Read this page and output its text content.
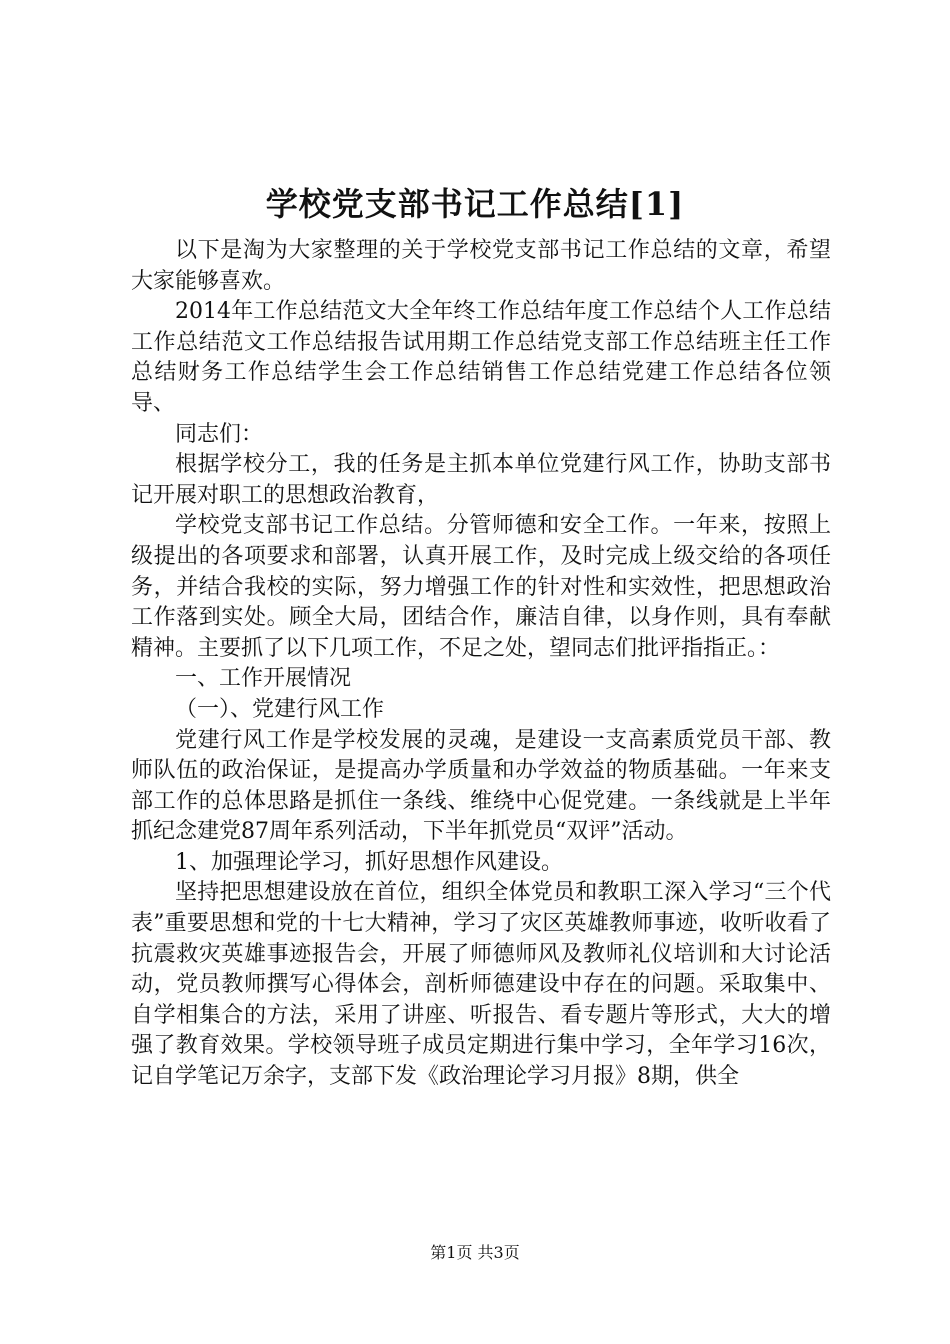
学校党支部书记工作总结[1]

以下是淘为大家整理的关于学校党支部书记工作总结的文章，希望大家能够喜欢。

2014年工作总结范文大全年终工作总结年度工作总结个人工作总结工作总结范文工作总结报告试用期工作总结党支部工作总结班主任工作总结财务工作总结学生会工作总结销售工作总结党建工作总结各位领导、

同志们：

根据学校分工，我的任务是主抓本单位党建行风工作，协助支部书记开展对职工的思想政治教育，

学校党支部书记工作总结。分管师德和安全工作。一年来，按照上级提出的各项要求和部署，认真开展工作，及时完成上级交给的各项任务，并结合我校的实际，努力增强工作的针对性和实效性，把思想政治工作落到实处。顾全大局，团结合作，廉洁自律，以身作则，具有奉献精神。主要抓了以下几项工作，不足之处，望同志们批评指指正。：

一、工作开展情况

（一）、党建行风工作

党建行风工作是学校发展的灵魂，是建设一支高素质党员干部、教师队伍的政治保证，是提高办学质量和办学效益的物质基础。一年来支部工作的总体思路是抓住一条线、维绕中心促党建。一条线就是上半年抓纪念建党87周年系列活动，下半年抓党员“双评”活动。

1、加强理论学习，抓好思想作风建设。

坚持把思想建设放在首位，组织全体党员和教职工深入学习“三个代表”重要思想和党的十七大精神，学习了灾区英雄教师事迹，收听收看了抗震救灾英雄事迹报告会，开展了师德师风及教师礼仪培训和大讨论活动，党员教师撰写心得体会，剖析师德建设中存在的问题。采取集中、自学相集合的方法，采用了讲座、听报告、看专题片等形式，大大的增强了教育效果。学校领导班子成员定期进行集中学习，全年学习16次，记自学笔记万余字，支部下发《政治理论学习月报》8期，供全

第1页 共3页
